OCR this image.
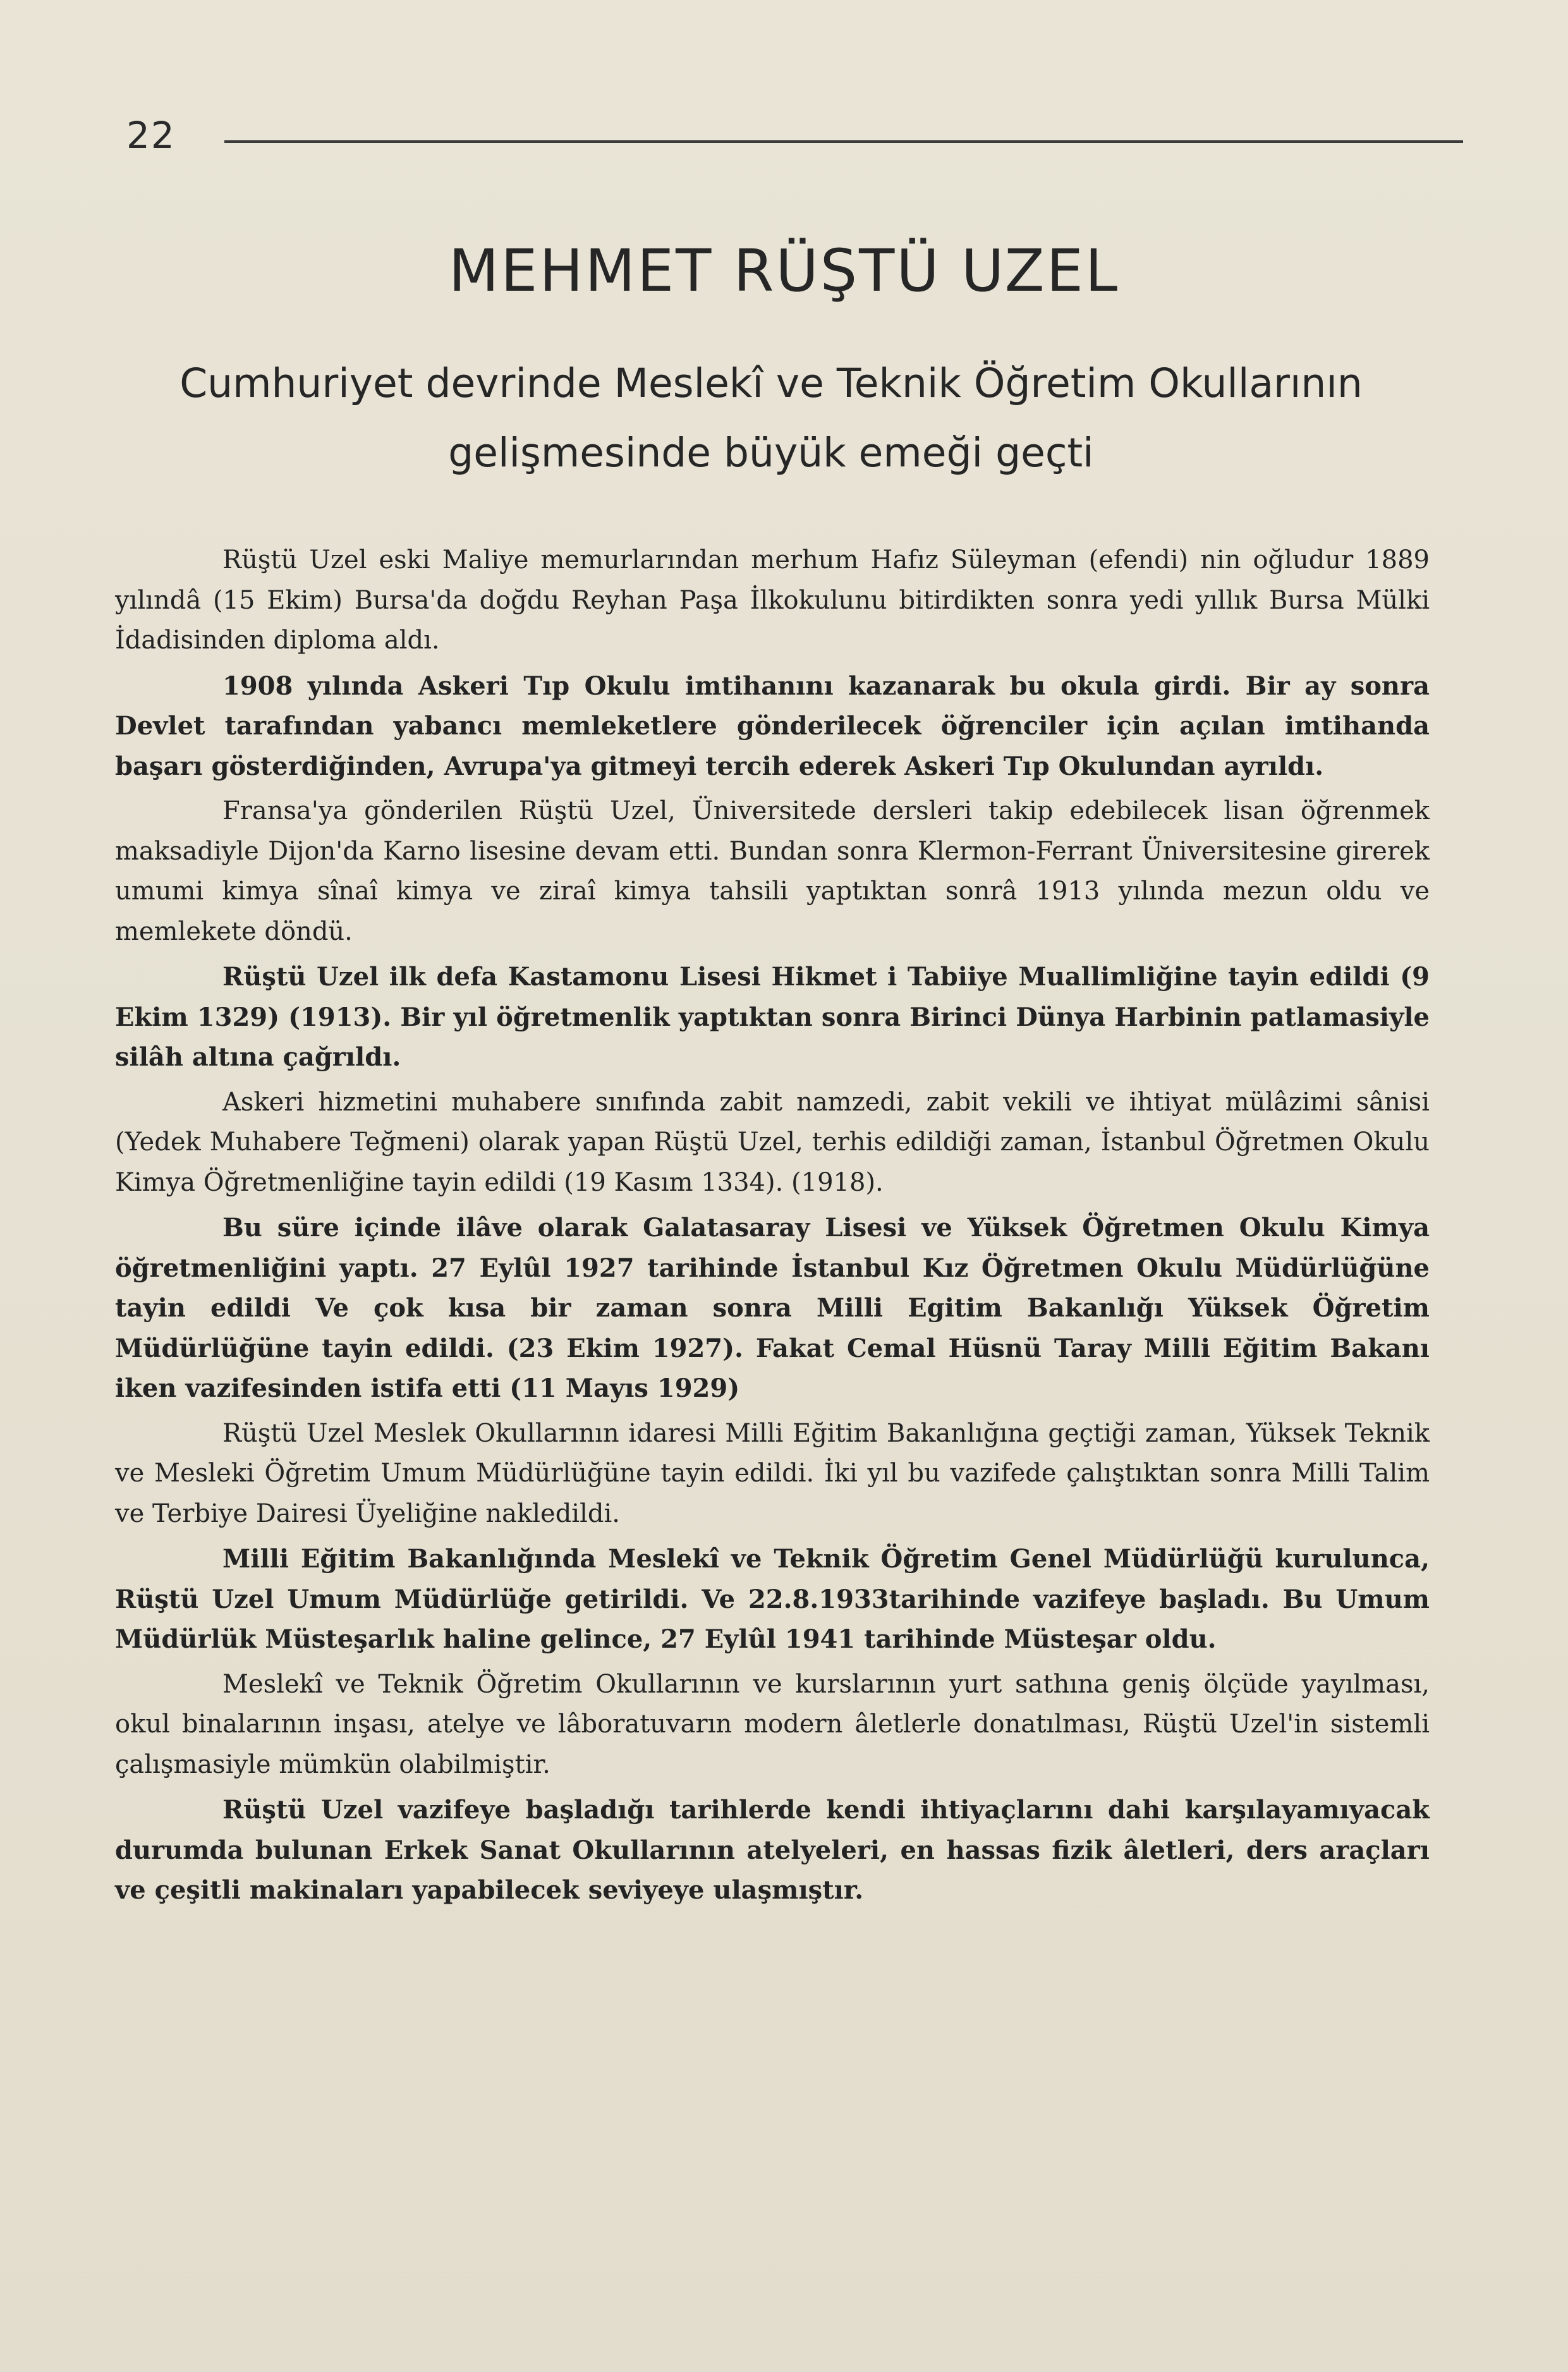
22
MEHMET RÜŞTÜ UZEL
Cumhuriyet devrinde Meslekî ve Teknik Öğretim Okullarının
gelişmesinde büyük emeği geçti

Rüştü Uzel eski Maliye memurlarından merhum Hafız Süleyman (efendi) nin oğludur 1889 yılındâ (15 Ekim) Bursa'da doğdu Reyhan Paşa İlkokulunu bitirdikten sonra yedi yıllık Bursa Mülki İdadisinden diploma aldı.

1908 yılında Askeri Tıp Okulu imtihanını kazanarak bu okula girdi. Bir ay sonra Devlet tarafından yabancı memleketlere gönderilecek öğrenciler için açılan imtihanda başarı gösterdiğinden, Avrupa'ya gitmeyi tercih ederek Askeri Tıp Okulundan ayrıldı.

Fransa'ya gönderilen Rüştü Uzel, Üniversitede dersleri takip edebilecek lisan öğrenmek maksadiyle Dijon'da Karno lisesine devam etti. Bundan sonra Klermon-Ferrant Üniversitesine girerek umumi kimya sînaî kimya ve ziraî kimya tahsili yaptıktan sonrâ 1913 yılında mezun oldu ve memlekete döndü.

Rüştü Uzel ilk defa Kastamonu Lisesi Hikmet i Tabiiye Muallimliğine tayin edildi (9 Ekim 1329) (1913). Bir yıl öğretmenlik yaptıktan sonra Birinci Dünya Harbinin patlamasiyle silâh altına çağrıldı.

Askeri hizmetini muhabere sınıfında zabit namzedi, zabit vekili ve ihtiyat mülâzimi sânisi (Yedek Muhabere Teğmeni) olarak yapan Rüştü Uzel, terhis edildiği zaman, İstanbul Öğretmen Okulu Kimya Öğretmenliğine tayin edildi (19 Kasım 1334). (1918).

Bu süre içinde ilâve olarak Galatasaray Lisesi ve Yüksek Öğretmen Okulu Kimya öğretmenliğini yaptı. 27 Eylûl 1927 tarihinde İstanbul Kız Öğretmen Okulu Müdürlüğüne tayin edildi Ve çok kısa bir zaman sonra Milli Egitim Bakanlığı Yüksek Öğretim Müdürlüğüne tayin edildi. (23 Ekim 1927). Fakat Cemal Hüsnü Taray Milli Eğitim Bakanı iken vazifesinden istifa etti (11 Mayıs 1929)

Rüştü Uzel Meslek Okullarının idaresi Milli Eğitim Bakanlığına geçtiği zaman, Yüksek Teknik ve Mesleki Öğretim Umum Müdürlüğüne tayin edildi. İki yıl bu vazifede çalıştıktan sonra Milli Talim ve Terbiye Dairesi Üyeliğine nakledildi.

Milli Eğitim Bakanlığında Meslekî ve Teknik Öğretim Genel Müdürlüğü kurulunca, Rüştü Uzel Umum Müdürlüğe getirildi. Ve 22.8.1933tarihinde vazifeye başladı. Bu Umum Müdürlük Müsteşarlık haline gelince, 27 Eylûl 1941 tarihinde Müsteşar oldu.

Meslekî ve Teknik Öğretim Okullarının ve kurslarının yurt sathına geniş ölçüde yayılması, okul binalarının inşası, atelye ve lâboratuvarın modern âletlerle donatılması, Rüştü Uzel'in sistemli çalışmasiyle mümkün olabilmiştir.

Rüştü Uzel vazifeye başladığı tarihlerde kendi ihtiyaçlarını dahi karşılayamıyacak durumda bulunan Erkek Sanat Okullarının atelyeleri, en hassas fizik âletleri, ders araçları ve çeşitli makinaları yapabilecek seviyeye ulaşmıştır.
